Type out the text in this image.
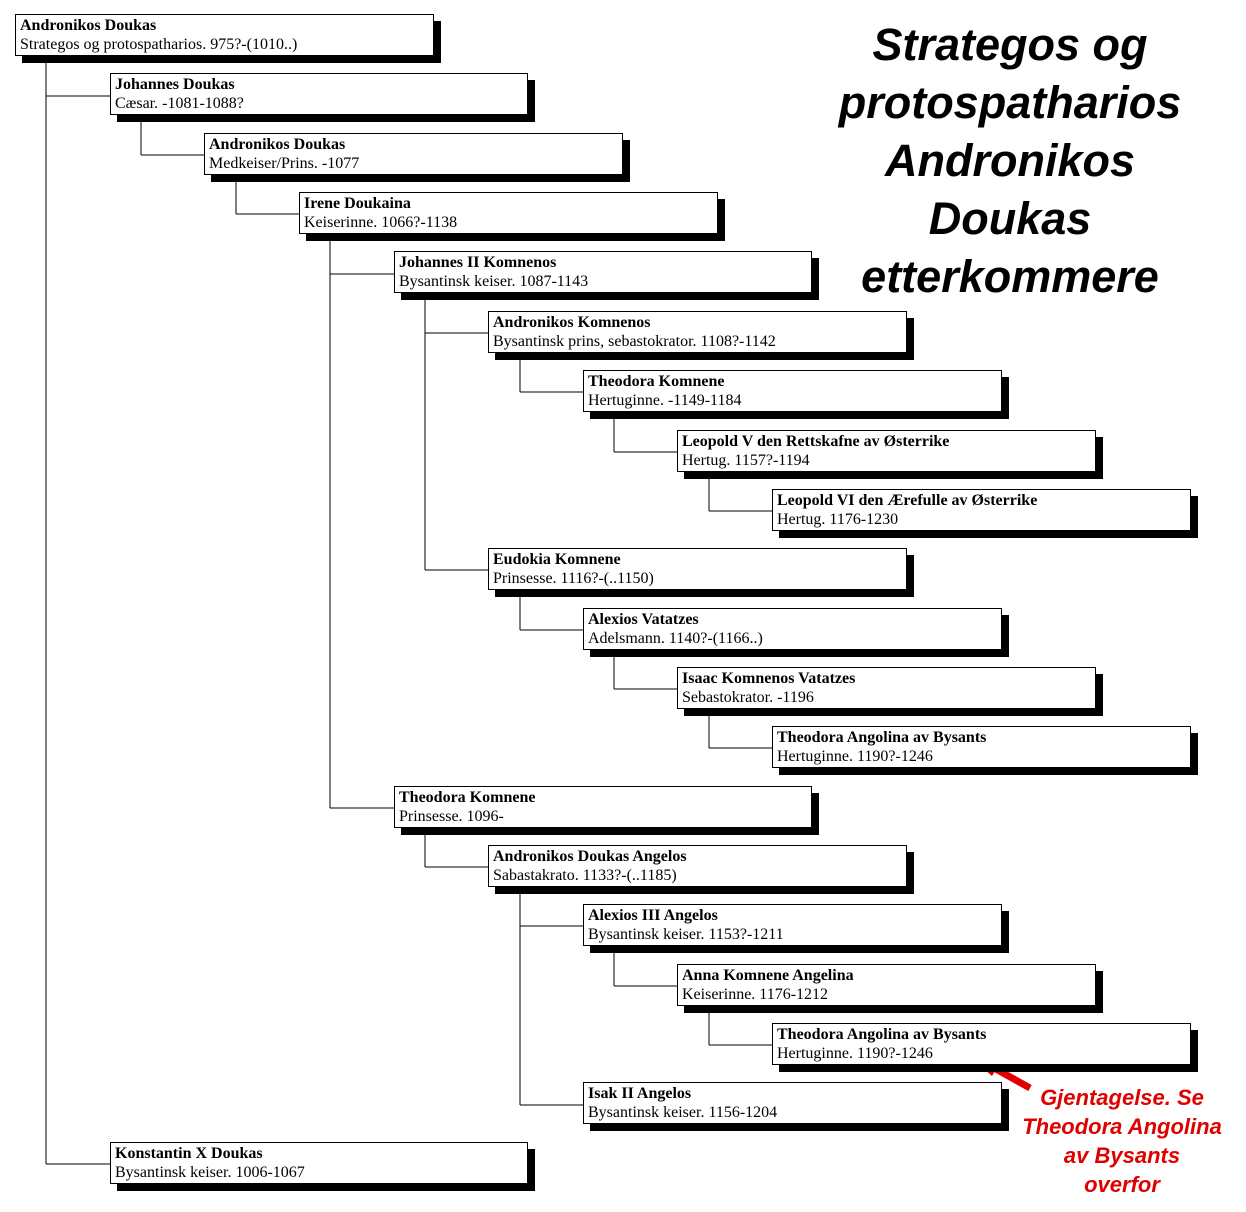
Strategos og
protospatharios
Andronikos
Doukas
etterkommere
Andronikos Doukas
Strategos og protospatharios. 975?-(1010..)
Johannes Doukas
Cæsar. -1081-1088?
Andronikos Doukas
Medkeiser/Prins. -1077
Irene Doukaina
Keiserinne. 1066?-1138
Johannes II Komnenos
Bysantinsk keiser. 1087-1143
Andronikos Komnenos
Bysantinsk prins, sebastokrator. 1108?-1142
Theodora Komnene
Hertuginne. -1149-1184
Leopold V den Rettskafne av Østerrike
Hertug. 1157?-1194
Leopold VI den Ærefulle av Østerrike
Hertug. 1176-1230
Eudokia Komnene
Prinsesse. 1116?-(..1150)
Alexios Vatatzes
Adelsmann. 1140?-(1166..)
Isaac Komnenos Vatatzes
Sebastokrator. -1196
Theodora Angolina av Bysants
Hertuginne. 1190?-1246
Theodora Komnene
Prinsesse. 1096-
Andronikos Doukas Angelos
Sabastakrato. 1133?-(..1185)
Alexios III Angelos
Bysantinsk keiser. 1153?-1211
Anna Komnene Angelina
Keiserinne. 1176-1212
Theodora Angolina av Bysants
Hertuginne. 1190?-1246
Isak II Angelos
Bysantinsk keiser. 1156-1204
Konstantin X Doukas
Bysantinsk keiser. 1006-1067
Gjentagelse. Se
Theodora Angolina
av Bysants
overfor
